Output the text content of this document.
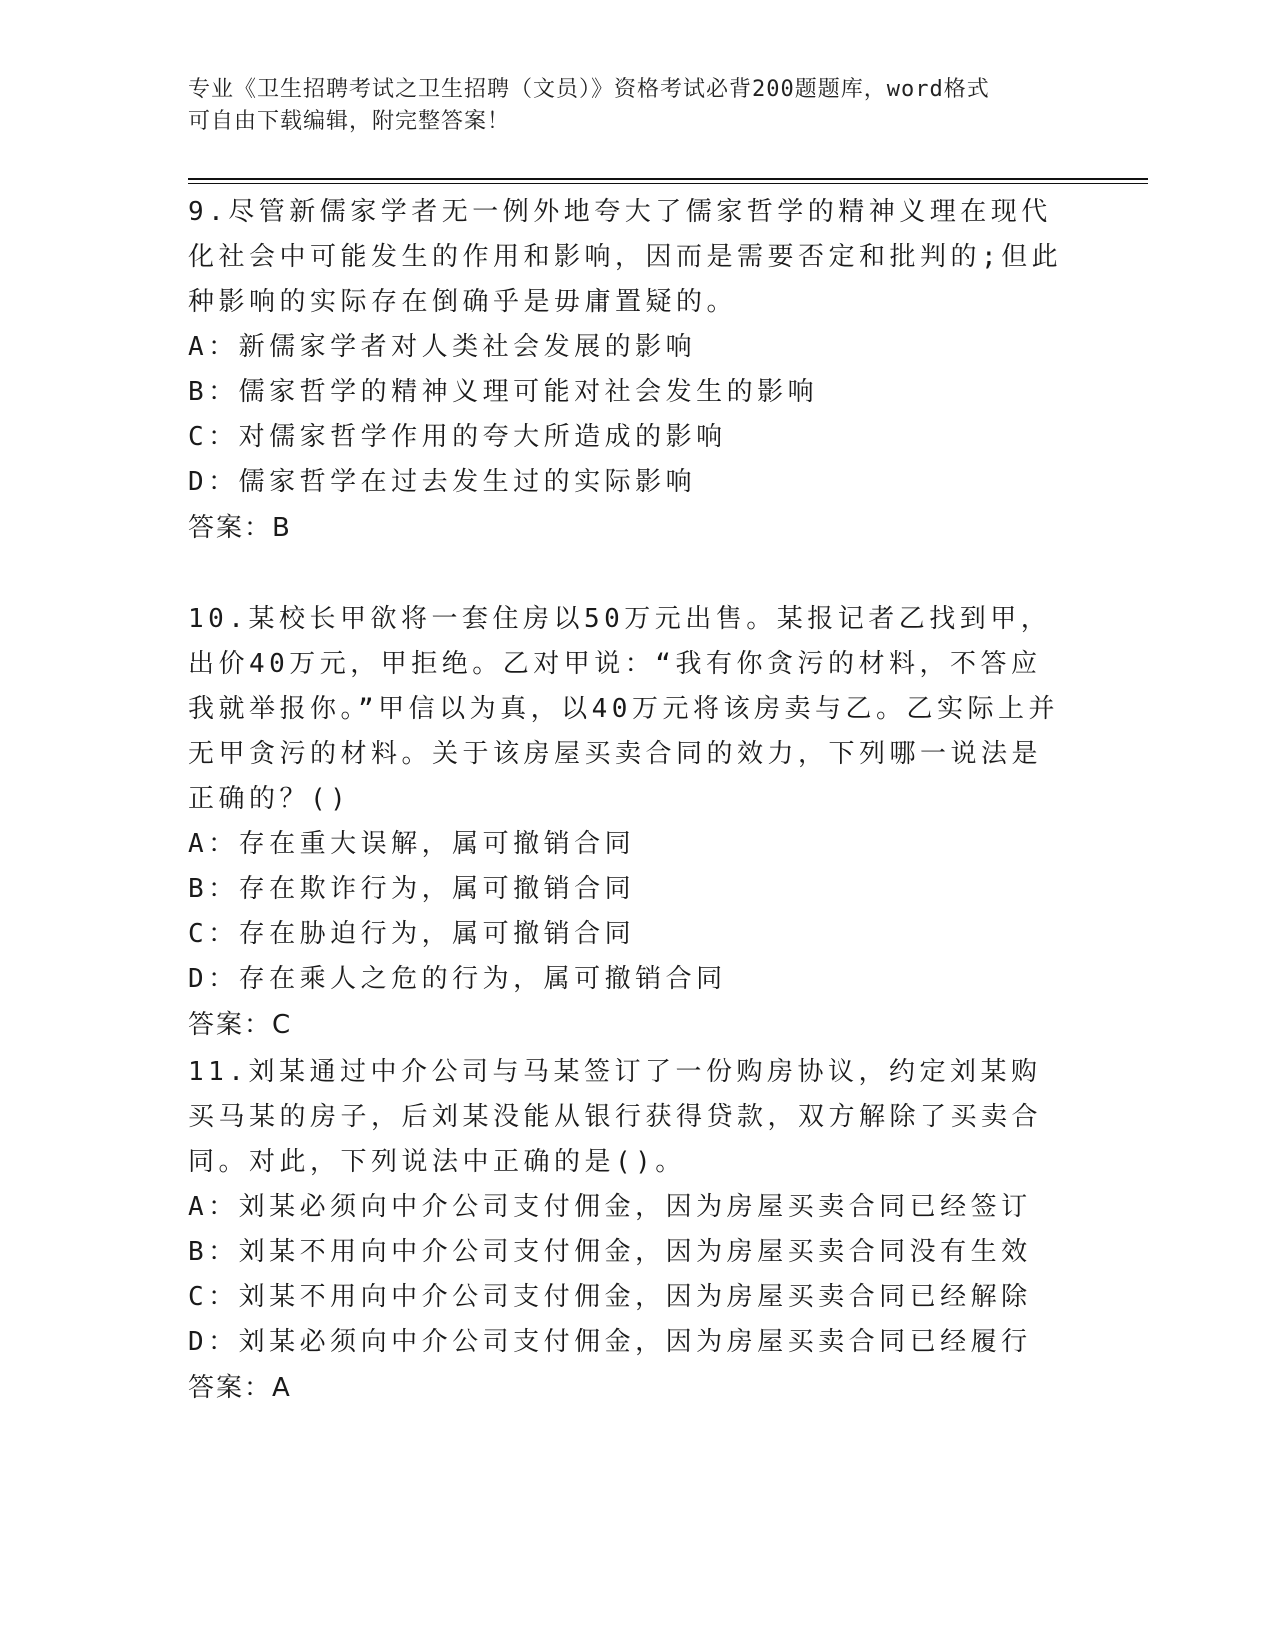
专业《卫生招聘考试之卫生招聘（文员）》资格考试必背200题题库，word格式
可自由下载编辑，附完整答案！
9.尽管新儒家学者无一例外地夸大了儒家哲学的精神义理在现代化社会中可能发生的作用和影响，因而是需要否定和批判的;但此种影响的实际存在倒确乎是毋庸置疑的。
A：新儒家学者对人类社会发展的影响
B：儒家哲学的精神义理可能对社会发生的影响
C：对儒家哲学作用的夸大所造成的影响
D：儒家哲学在过去发生过的实际影响
答案：B
10.某校长甲欲将一套住房以50万元出售。某报记者乙找到甲，出价40万元，甲拒绝。乙对甲说：“我有你贪污的材料，不答应我就举报你。”甲信以为真，以40万元将该房卖与乙。乙实际上并无甲贪污的材料。关于该房屋买卖合同的效力，下列哪一说法是正确的？()
A：存在重大误解，属可撤销合同
B：存在欺诈行为，属可撤销合同
C：存在胁迫行为，属可撤销合同
D：存在乘人之危的行为，属可撤销合同
答案：C
11.刘某通过中介公司与马某签订了一份购房协议，约定刘某购买马某的房子，后刘某没能从银行获得贷款，双方解除了买卖合同。对此，下列说法中正确的是()。
A：刘某必须向中介公司支付佣金，因为房屋买卖合同已经签订
B：刘某不用向中介公司支付佣金，因为房屋买卖合同没有生效
C：刘某不用向中介公司支付佣金，因为房屋买卖合同已经解除
D：刘某必须向中介公司支付佣金，因为房屋买卖合同已经履行
答案：A
